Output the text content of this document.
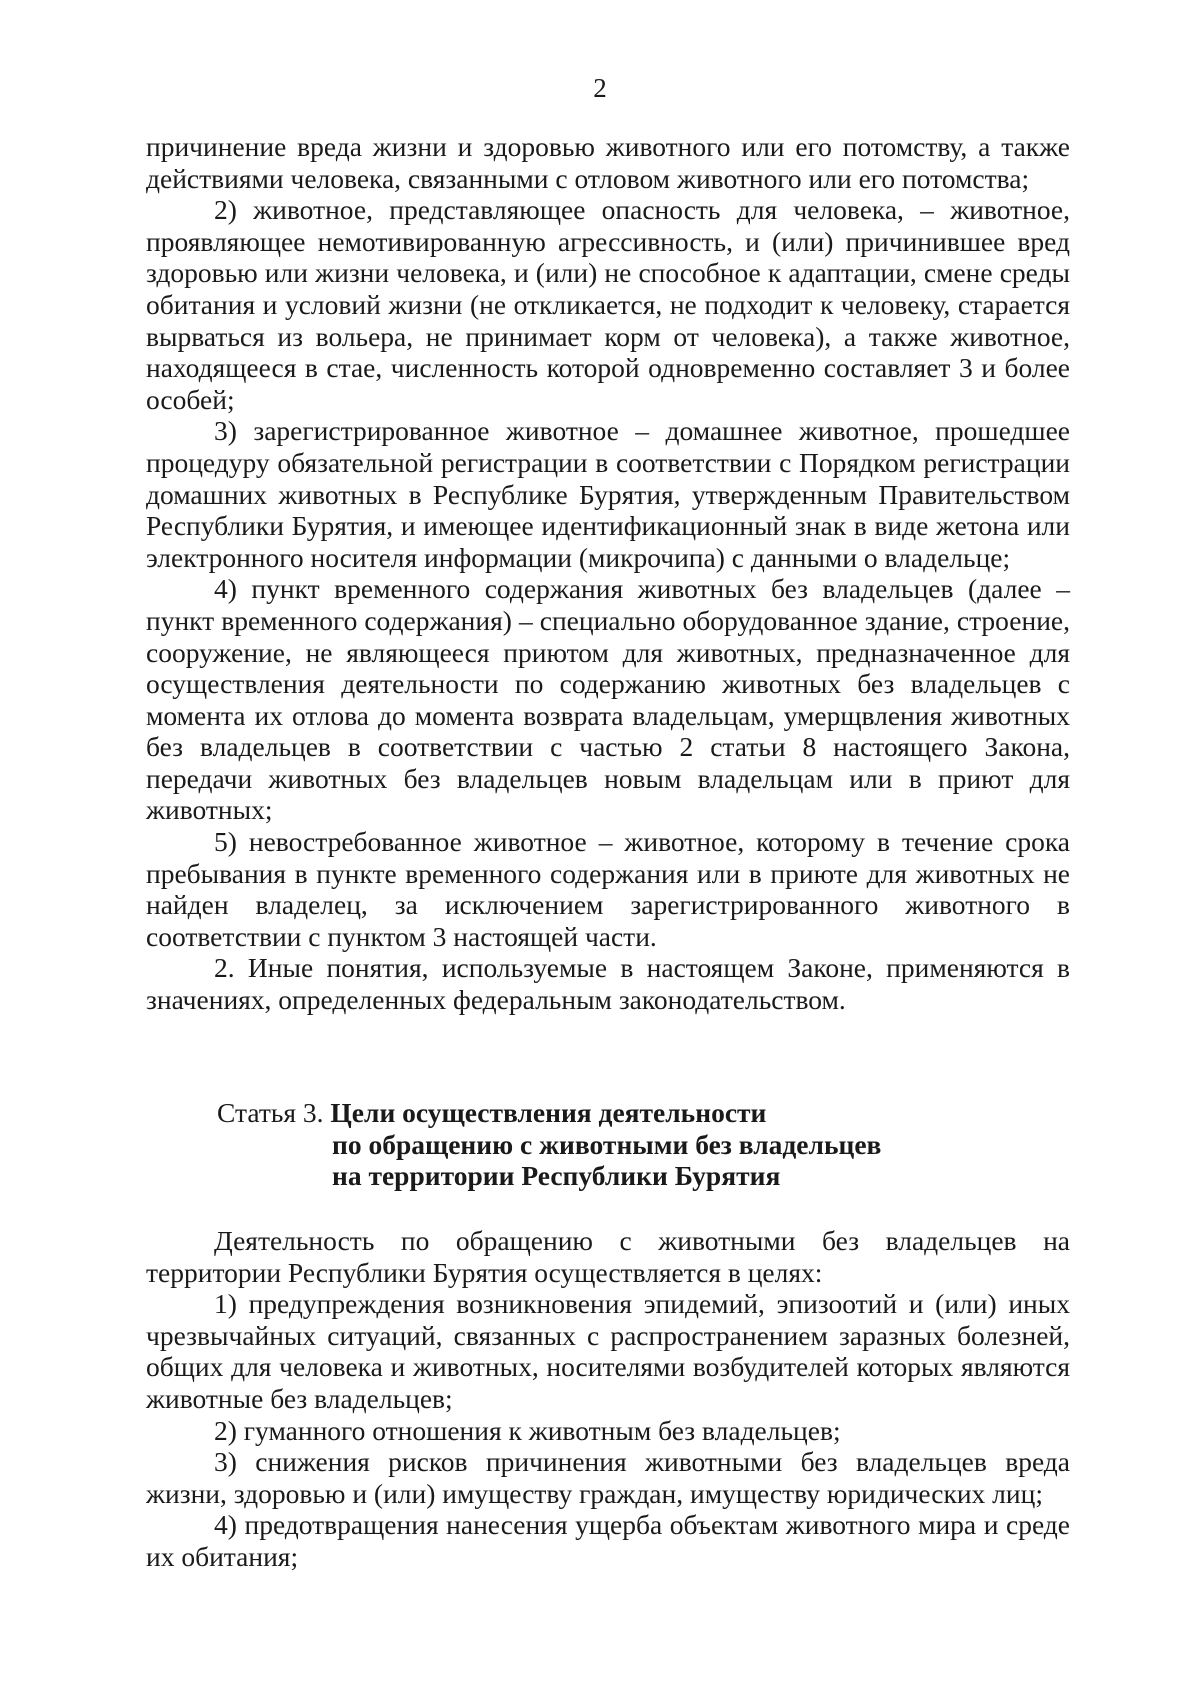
2

причинение вреда жизни и здоровью животного или его потомству, а также действиями человека, связанными с отловом животного или его потомства;

2) животное, представляющее опасность для человека, – животное, проявляющее немотивированную агрессивность, и (или) причинившее вред здоровью или жизни человека, и (или) не способное к адаптации, смене среды обитания и условий жизни (не откликается, не подходит к человеку, старается вырваться из вольера, не принимает корм от человека), а также животное, находящееся в стае, численность которой одновременно составляет 3 и более особей;

3) зарегистрированное животное – домашнее животное, прошедшее процедуру обязательной регистрации в соответствии с Порядком регистрации домашних животных в Республике Бурятия, утвержденным Правительством Республики Бурятия, и имеющее идентификационный знак в виде жетона или электронного носителя информации (микрочипа) с данными о владельце;

4) пункт временного содержания животных без владельцев (далее – пункт временного содержания) – специально оборудованное здание, строение, сооружение, не являющееся приютом для животных, предназначенное для осуществления деятельности по содержанию животных без владельцев с момента их отлова до момента возврата владельцам, умерщвления животных без владельцев в соответствии с частью 2 статьи 8 настоящего Закона, передачи животных без владельцев новым владельцам или в приют для животных;

5) невостребованное животное – животное, которому в течение срока пребывания в пункте временного содержания или в приюте для животных не найден владелец, за исключением зарегистрированного животного в соответствии с пунктом 3 настоящей части.

2. Иные понятия, используемые в настоящем Законе, применяются в значениях, определенных федеральным законодательством.

Статья 3. Цели осуществления деятельности
по обращению с животными без владельцев
на территории Республики Бурятия

Деятельность по обращению с животными без владельцев на территории Республики Бурятия осуществляется в целях:

1) предупреждения возникновения эпидемий, эпизоотий и (или) иных чрезвычайных ситуаций, связанных с распространением заразных болезней, общих для человека и животных, носителями возбудителей которых являются животные без владельцев;

2) гуманного отношения к животным без владельцев;

3) снижения рисков причинения животными без владельцев вреда жизни, здоровью и (или) имуществу граждан, имуществу юридических лиц;

4) предотвращения нанесения ущерба объектам животного мира и среде их обитания;
